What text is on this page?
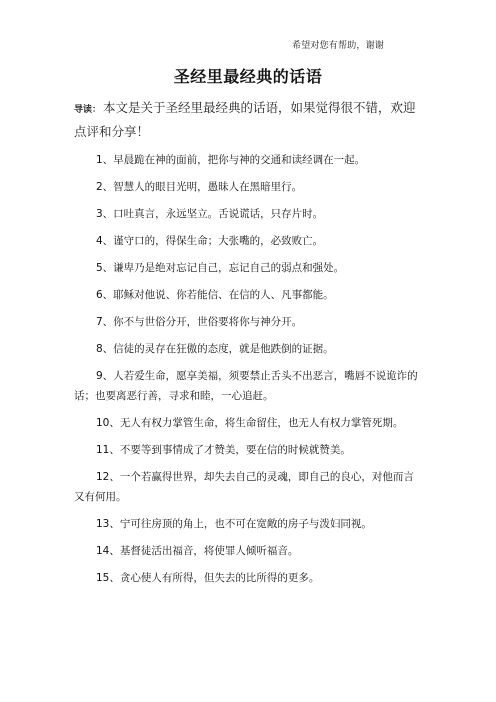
希望对您有帮助，谢谢
圣经里最经典的话语
导读： 本文是关于圣经里最经典的话语，如果觉得很不错，欢迎点评和分享！
1、早晨跪在神的面前，把你与神的交通和读经调在一起。
2、智慧人的眼目光明，愚昧人在黑暗里行。
3、口吐真言，永远坚立。舌说谎话，只存片时。
4、谨守口的，得保生命；大张嘴的，必致败亡。
5、谦卑乃是绝对忘记自己，忘记自己的弱点和强处。
6、耶稣对他说、你若能信、在信的人、凡事都能。
7、你不与世俗分开，世俗要将你与神分开。
8、信徒的灵存在狂傲的态度，就是他跌倒的证据。
9、人若爱生命，愿享美福，须要禁止舌头不出恶言，嘴唇不说诡诈的话；也要离恶行善，寻求和睦，一心追赶。
10、无人有权力掌管生命，将生命留住，也无人有权力掌管死期。
11、不要等到事情成了才赞美，要在信的时候就赞美。
12、一个若赢得世界，却失去自己的灵魂，即自己的良心，对他而言又有何用。
13、宁可往房顶的角上，也不可在宽敞的房子与泼妇同视。
14、基督徒活出福音，将使罪人倾听福音。
15、贪心使人有所得，但失去的比所得的更多。
